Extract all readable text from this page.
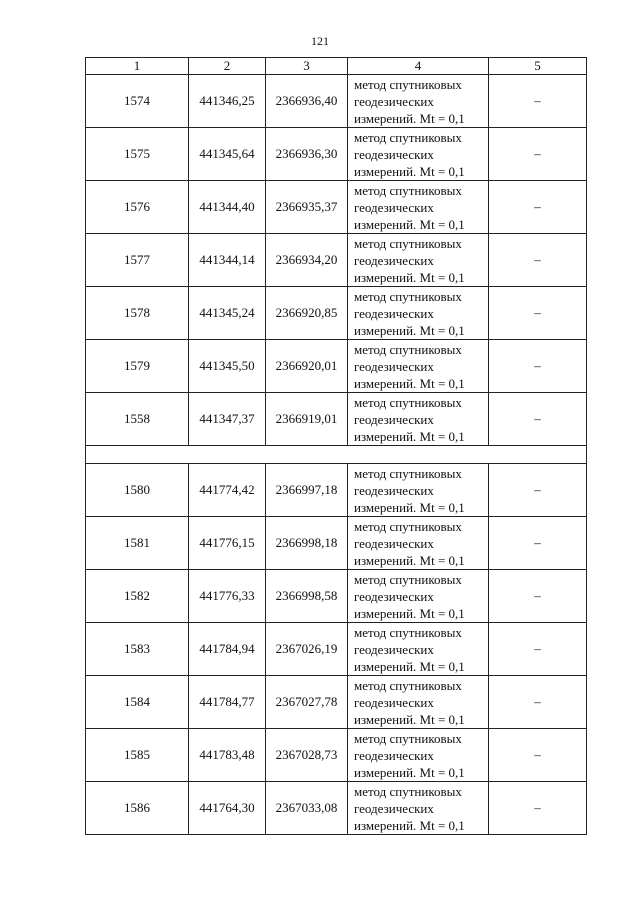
121
1	2	3	4	5
1574	441346,25	2366936,40	метод спутниковых
геодезических
измерений. Mt = 0,1	–
1575	441345,64	2366936,30	метод спутниковых
геодезических
измерений. Mt = 0,1	–
1576	441344,40	2366935,37	метод спутниковых
геодезических
измерений. Mt = 0,1	–
1577	441344,14	2366934,20	метод спутниковых
геодезических
измерений. Mt = 0,1	–
1578	441345,24	2366920,85	метод спутниковых
геодезических
измерений. Mt = 0,1	–
1579	441345,50	2366920,01	метод спутниковых
геодезических
измерений. Mt = 0,1	–
1558	441347,37	2366919,01	метод спутниковых
геодезических
измерений. Mt = 0,1	–

1580	441774,42	2366997,18	метод спутниковых
геодезических
измерений. Mt = 0,1	–
1581	441776,15	2366998,18	метод спутниковых
геодезических
измерений. Mt = 0,1	–
1582	441776,33	2366998,58	метод спутниковых
геодезических
измерений. Mt = 0,1	–
1583	441784,94	2367026,19	метод спутниковых
геодезических
измерений. Mt = 0,1	–
1584	441784,77	2367027,78	метод спутниковых
геодезических
измерений. Mt = 0,1	–
1585	441783,48	2367028,73	метод спутниковых
геодезических
измерений. Mt = 0,1	–
1586	441764,30	2367033,08	метод спутниковых
геодезических
измерений. Mt = 0,1	–
